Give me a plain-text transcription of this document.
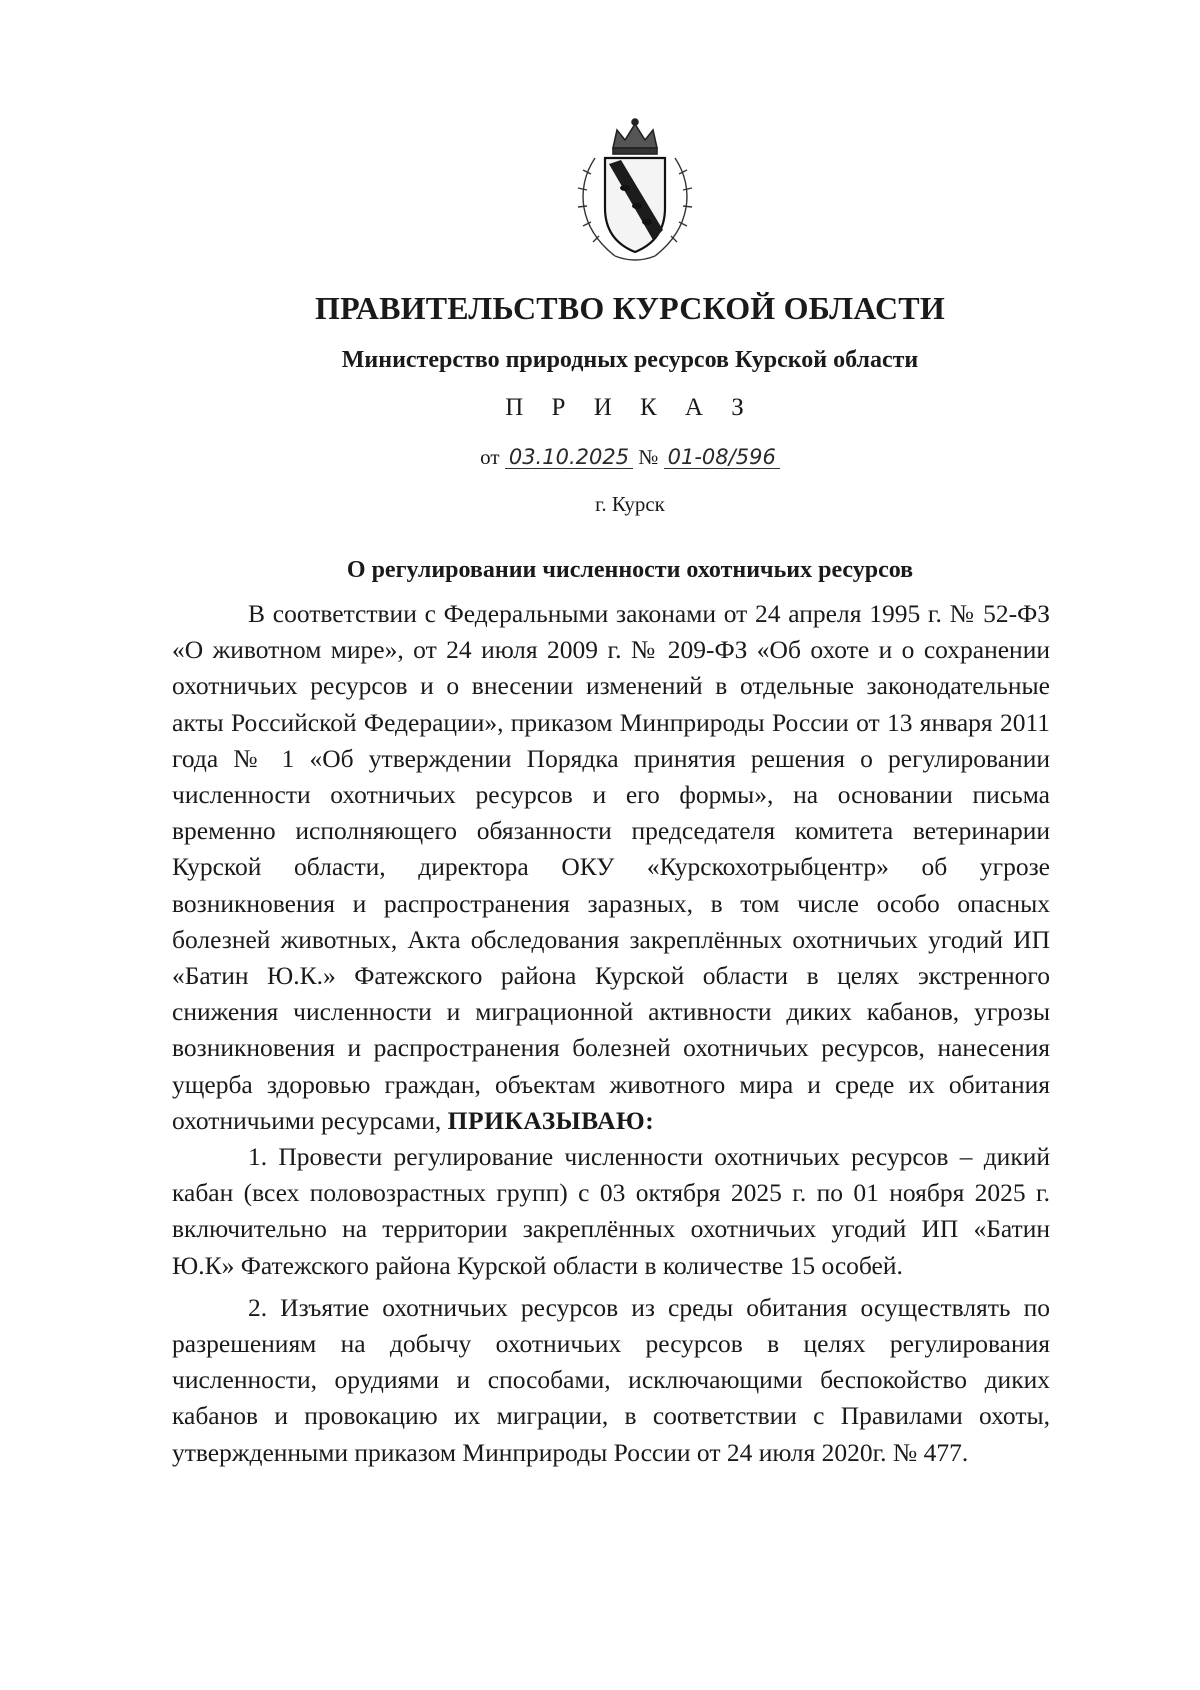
ПРАВИТЕЛЬСТВО КУРСКОЙ ОБЛАСТИ
Министерство природных ресурсов Курской области
П Р И К А З
от 03.10.2025 № 01-08/596
г. Курск
О регулировании численности охотничьих ресурсов

В соответствии с Федеральными законами от 24 апреля 1995 г. № 52-ФЗ «О животном мире», от 24 июля 2009 г. № 209-ФЗ «Об охоте и о сохранении охотничьих ресурсов и о внесении изменений в отдельные законодательные акты Российской Федерации», приказом Минприроды России от 13 января 2011 года № 1 «Об утверждении Порядка принятия решения о регулировании численности охотничьих ресурсов и его формы», на основании письма временно исполняющего обязанности председателя комитета ветеринарии Курской области, директора ОКУ «Курскохотрыбцентр» об угрозе возникновения и распространения заразных, в том числе особо опасных болезней животных, Акта обследования закреплённых охотничьих угодий ИП «Батин Ю.К.» Фатежского района Курской области в целях экстренного снижения численности и миграционной активности диких кабанов, угрозы возникновения и распространения болезней охотничьих ресурсов, нанесения ущерба здоровью граждан, объектам животного мира и среде их обитания охотничьими ресурсами, ПРИКАЗЫВАЮ:

1. Провести регулирование численности охотничьих ресурсов – дикий кабан (всех половозрастных групп) с 03 октября 2025 г. по 01 ноября 2025 г. включительно на территории закреплённых охотничьих угодий ИП «Батин Ю.К» Фатежского района Курской области в количестве 15 особей.

2. Изъятие охотничьих ресурсов из среды обитания осуществлять по разрешениям на добычу охотничьих ресурсов в целях регулирования численности, орудиями и способами, исключающими беспокойство диких кабанов и провокацию их миграции, в соответствии с Правилами охоты, утвержденными приказом Минприроды России от 24 июля 2020г. № 477.
